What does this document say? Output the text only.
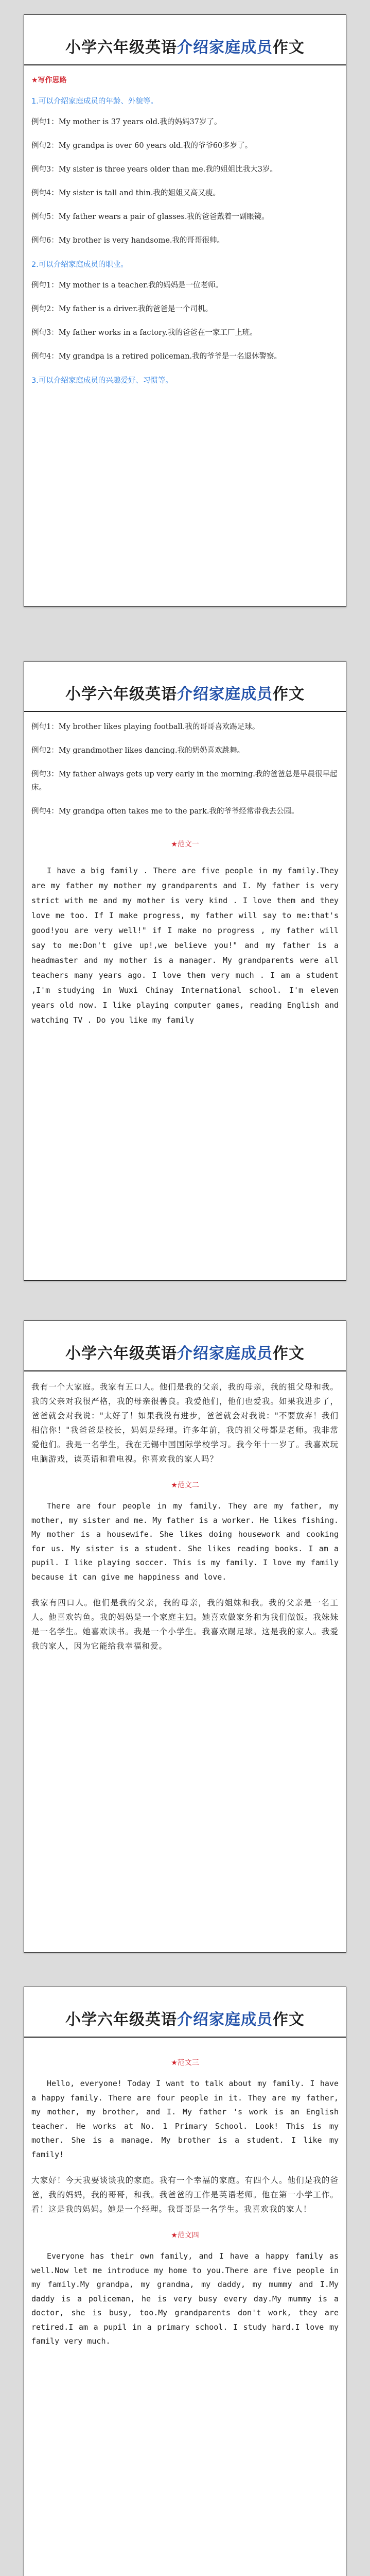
小学六年级英语介绍家庭成员作文
★写作思路
1.可以介绍家庭成员的年龄、外貌等。
例句1：My mother is 37 years old.我的妈妈37岁了。
例句2：My grandpa is over 60 years old.我的爷爷60多岁了。
例句3：My sister is three years older than me.我的姐姐比我大3岁。
例句4：My sister is tall and thin.我的姐姐又高又瘦。
例句5：My father wears a pair of glasses.我的爸爸戴着一副眼镜。
例句6：My brother is very handsome.我的哥哥很帅。
2.可以介绍家庭成员的职业。
例句1：My mother is a teacher.我的妈妈是一位老师。
例句2：My father is a driver.我的爸爸是一个司机。
例句3：My father works in a factory.我的爸爸在一家工厂上班。
例句4：My grandpa is a retired policeman.我的爷爷是一名退休警察。
3.可以介绍家庭成员的兴趣爱好、习惯等。
小学六年级英语介绍家庭成员作文
例句1：My brother likes playing football.我的哥哥喜欢踢足球。
例句2：My grandmother likes dancing.我的奶奶喜欢跳舞。
例句3：My father always gets up very early in the morning.我的爸爸总是早晨很早起床。
例句4：My grandpa often takes me to the park.我的爷爷经常带我去公园。
★范文一
I have a big family . There are five people in my family.They are my father my mother my grandparents and I. My father is very strict with me and my mother is very kind . I love them and they love me too. If I make progress, my father will say to me:that's good!you are very well!" if I make no progress , my father will say to me:Don't give up!,we believe you!" and my father is a headmaster and my mother is a manager. My grandparents were all teachers many years ago. I love them very much . I am a student ,I'm studying in Wuxi Chinay International school. I'm eleven years old now. I like playing computer games, reading English and watching TV . Do you like my family
小学六年级英语介绍家庭成员作文
我有一个大家庭。我家有五口人。他们是我的父亲，我的母亲，我的祖父母和我。我的父亲对我很严格，我的母亲很善良。我爱他们，他们也爱我。如果我进步了，爸爸就会对我说："太好了！如果我没有进步，爸爸就会对我说："不要放弃！我们相信你！"我爸爸是校长，妈妈是经理。许多年前，我的祖父母都是老师。我非常爱他们。我是一名学生，我在无锡中国国际学校学习。我今年十一岁了。我喜欢玩电脑游戏，读英语和看电视。你喜欢我的家人吗？
★范文二
There are four people in my family. They are my father, my mother, my sister and me. My father is a worker. He likes fishing. My mother is a housewife. She likes doing housework and cooking for us. My sister is a student. She likes reading books. I am a pupil. I like playing soccer. This is my family. I love my family because it can give me happiness and love.
我家有四口人。他们是我的父亲，我的母亲，我的姐妹和我。我的父亲是一名工人。他喜欢钓鱼。我的妈妈是一个家庭主妇。她喜欢做家务和为我们做饭。我妹妹是一名学生。她喜欢读书。我是一个小学生。我喜欢踢足球。这是我的家人。我爱我的家人，因为它能给我幸福和爱。
小学六年级英语介绍家庭成员作文
★范文三
Hello, everyone! Today I want to talk about my family. I have a happy family. There are four people in it. They are my father, my mother, my brother, and I. My father 's work is an English teacher. He works at No. 1 Primary School. Look! This is my mother. She is a manage. My brother is a student. I like my family!
大家好！今天我要谈谈我的家庭。我有一个幸福的家庭。有四个人。他们是我的爸爸，我的妈妈，我的哥哥，和我。我爸爸的工作是英语老师。他在第一小学工作。看！这是我的妈妈。她是一个经理。我哥哥是一名学生。我喜欢我的家人！
★范文四
Everyone has their own family, and I have a happy family as well.Now let me introduce my home to you.There are five people in my family.My grandpa, my grandma, my daddy, my mummy and I.My daddy is a policeman, he is very busy every day.My mummy is a doctor, she is busy, too.My grandparents don't work, they are retired.I am a pupil in a primary school. I study hard.I love my family very much.
